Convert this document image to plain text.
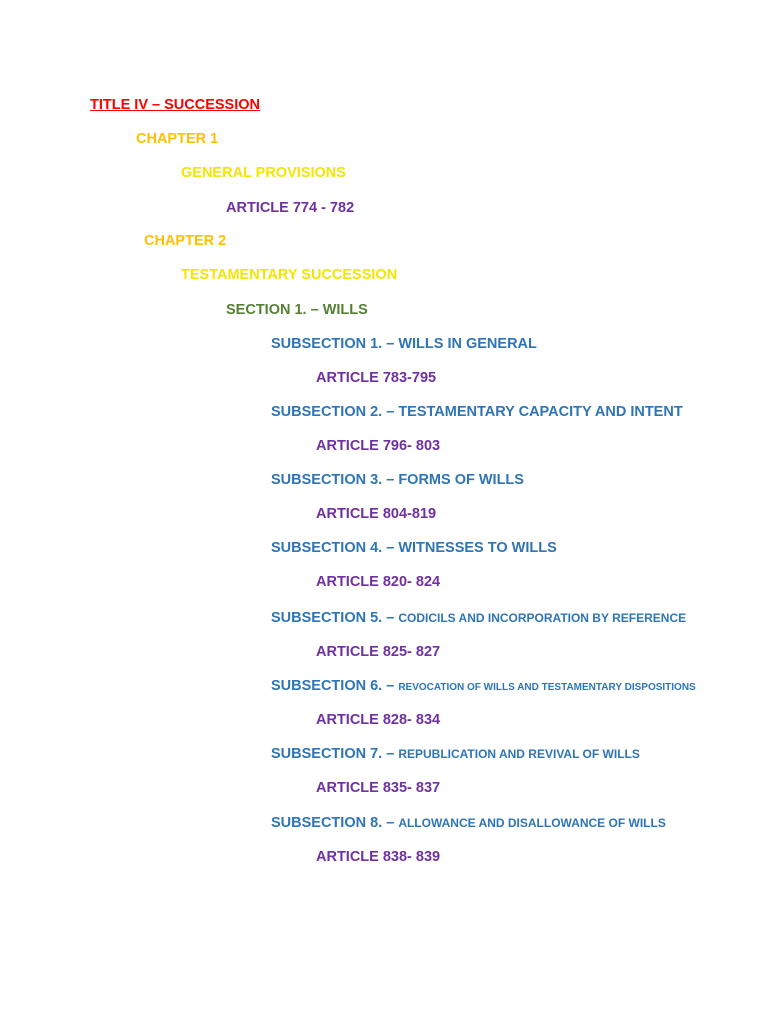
TITLE IV – SUCCESSION
CHAPTER 1
GENERAL PROVISIONS
ARTICLE 774 - 782
CHAPTER 2
TESTAMENTARY SUCCESSION
SECTION 1. – WILLS
SUBSECTION 1. – WILLS IN GENERAL
ARTICLE 783-795
SUBSECTION 2. – TESTAMENTARY CAPACITY AND INTENT
ARTICLE 796- 803
SUBSECTION 3. – FORMS OF WILLS
ARTICLE 804-819
SUBSECTION 4. – WITNESSES TO WILLS
ARTICLE 820- 824
SUBSECTION 5. – CODICILS AND INCORPORATION BY REFERENCE
ARTICLE 825- 827
SUBSECTION 6. – REVOCATION OF WILLS AND TESTAMENTARY DISPOSITIONS
ARTICLE 828- 834
SUBSECTION 7. – REPUBLICATION AND REVIVAL OF WILLS
ARTICLE 835- 837
SUBSECTION 8. – ALLOWANCE AND DISALLOWANCE OF WILLS
ARTICLE 838- 839
